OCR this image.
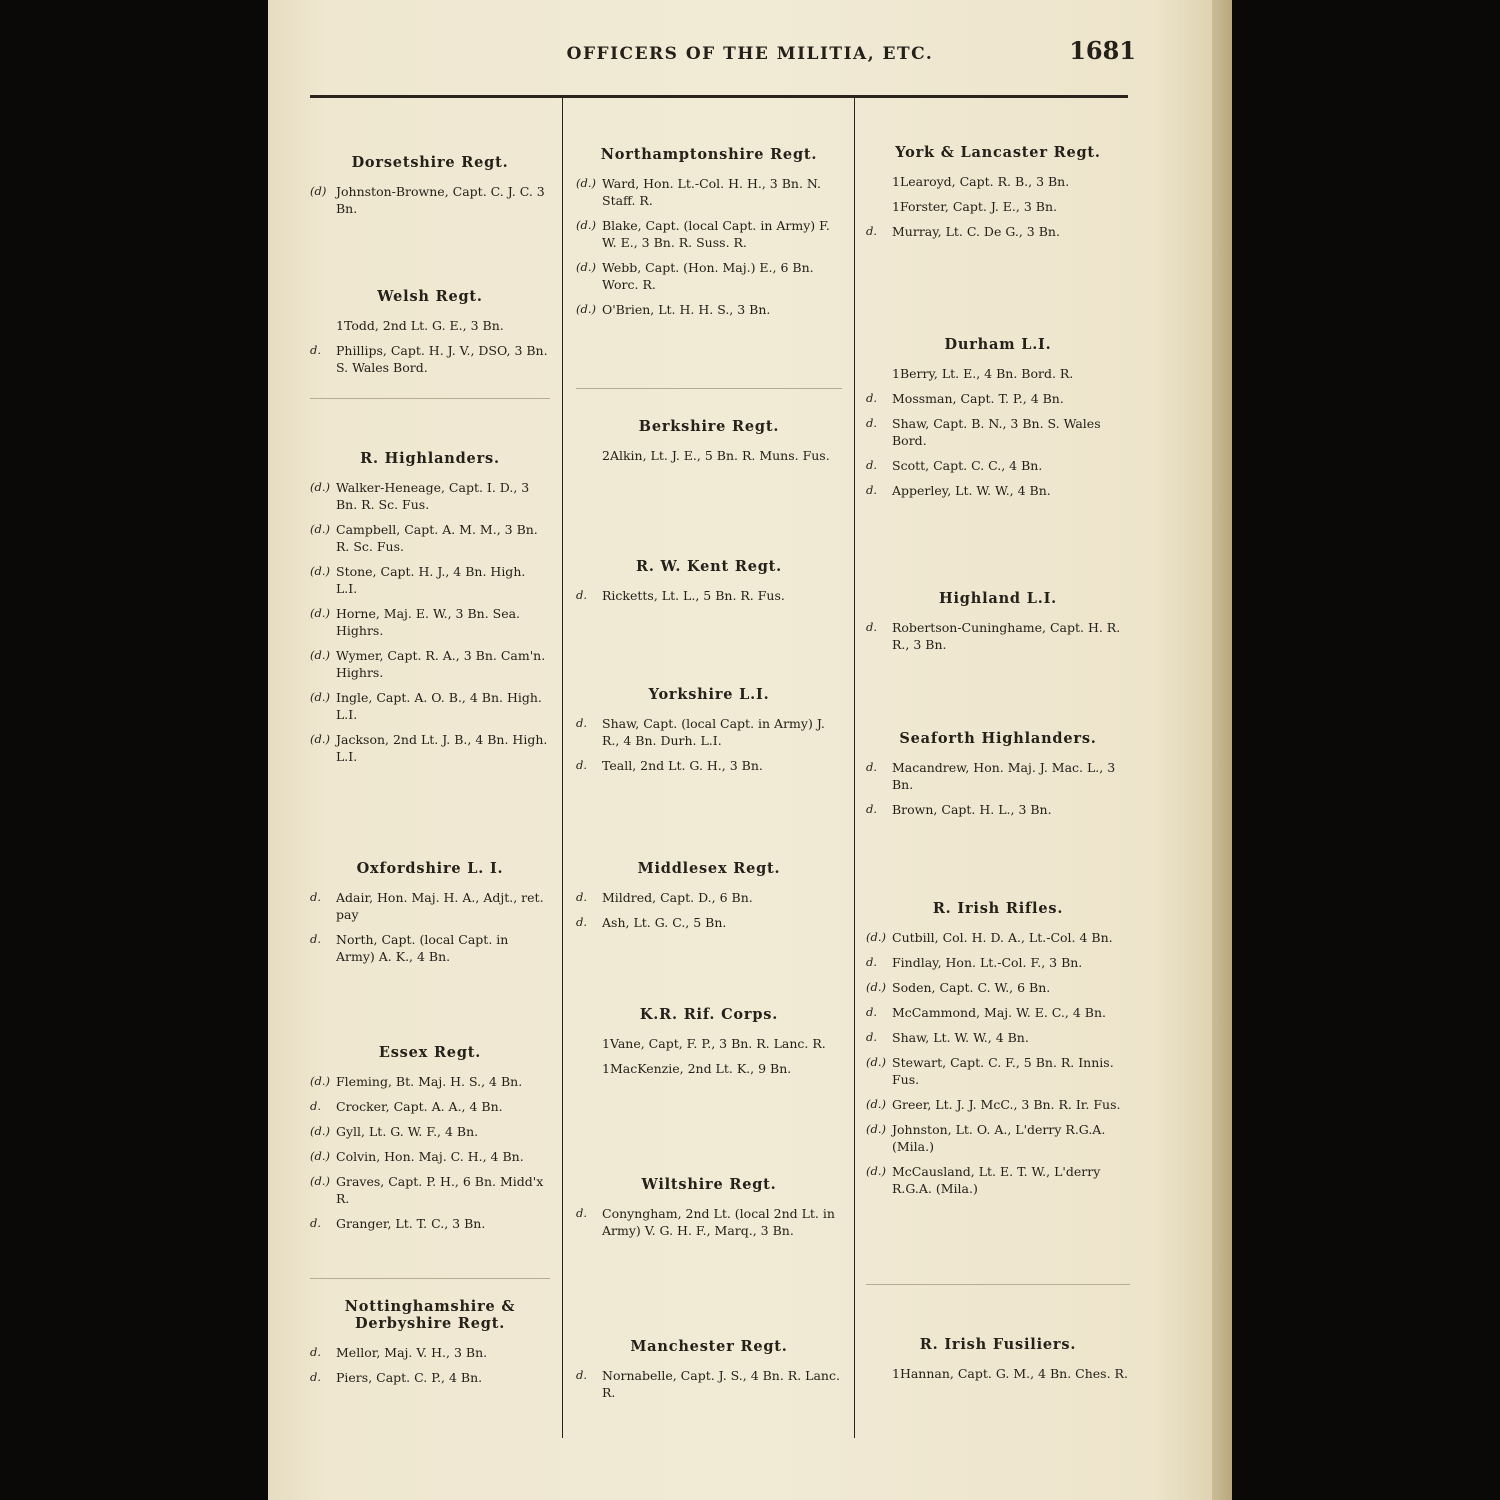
OFFICERS OF THE MILITIA, ETC.	1681
Dorsetshire Regt.
(d) Johnston-Browne, Capt. C. J. C. 3 Bn.
Welsh Regt.
1Todd, 2nd Lt. G. E., 3 Bn.
d.	Phillips, Capt. H. J. V., DSO, 3 Bn. S. Wales Bord.
R. Highlanders.
(d.) Walker-Heneage, Capt. I. D., 3 Bn. R. Sc. Fus.
(d.) Campbell, Capt. A. M. M., 3 Bn. R. Sc. Fus.
(d.) Stone, Capt. H. J., 4 Bn. High. L.I.
(d.) Horne, Maj. E. W., 3 Bn. Sea. Highrs.
(d.) Wymer, Capt. R. A., 3 Bn. Cam'n. Highrs.
(d.) Ingle, Capt. A. O. B., 4 Bn. High. L.I.
(d.) Jackson, 2nd Lt. J. B., 4 Bn. High. L.I.
Oxfordshire L. I.
d.	Adair, Hon. Maj. H. A., Adjt., ret. pay
d.	North, Capt. (local Capt. in Army) A. K., 4 Bn.
Essex Regt.
(d.) Fleming, Bt. Maj. H. S., 4 Bn.
d.	Crocker, Capt. A. A., 4 Bn.
(d.) Gyll, Lt. G. W. F., 4 Bn.
(d.) Colvin, Hon. Maj. C. H., 4 Bn.
(d.) Graves, Capt. P. H., 6 Bn. Midd'x R.
d.	Granger, Lt. T. C., 3 Bn.
Nottinghamshire & Derbyshire Regt.
d.	Mellor, Maj. V. H., 3 Bn.
d.	Piers, Capt. C. P., 4 Bn.
Northamptonshire Regt.
(d.) Ward, Hon. Lt.-Col. H. H., 3 Bn. N. Staff. R.
(d.) Blake, Capt. (local Capt. in Army) F. W. E., 3 Bn. R. Suss. R.
(d.) Webb, Capt. (Hon. Maj.) E., 6 Bn. Worc. R.
(d.) O'Brien, Lt. H. H. S., 3 Bn.
Berkshire Regt.
2Alkin, Lt. J. E., 5 Bn. R. Muns. Fus.
R. W. Kent Regt.
d.	Ricketts, Lt. L., 5 Bn. R. Fus.
Yorkshire L.I.
d.	Shaw, Capt. (local Capt. in Army) J. R., 4 Bn. Durh. L.I.
d.	Teall, 2nd Lt. G. H., 3 Bn.
Middlesex Regt.
d.	Mildred, Capt. D., 6 Bn.
d.	Ash, Lt. G. C., 5 Bn.
K.R. Rif. Corps.
1Vane, Capt, F. P., 3 Bn. R. Lanc. R.
1MacKenzie, 2nd Lt. K., 9 Bn.
Wiltshire Regt.
d.	Conyngham, 2nd Lt. (local 2nd Lt. in Army) V. G. H. F., Marq., 3 Bn.
Manchester Regt.
d.	Nornabelle, Capt. J. S., 4 Bn. R. Lanc. R.
York & Lancaster Regt.
1Learoyd, Capt. R. B., 3 Bn.
1Forster, Capt. J. E., 3 Bn.
d.	Murray, Lt. C. De G., 3 Bn.
Durham L.I.
1Berry, Lt. E., 4 Bn. Bord. R.
d.	Mossman, Capt. T. P., 4 Bn.
d.	Shaw, Capt. B. N., 3 Bn. S. Wales Bord.
d.	Scott, Capt. C. C., 4 Bn.
d.	Apperley, Lt. W. W., 4 Bn.
Highland L.I.
d.	Robertson-Cuninghame, Capt. H. R. R., 3 Bn.
Seaforth Highlanders.
d.	Macandrew, Hon. Maj. J. Mac. L., 3 Bn.
d.	Brown, Capt. H. L., 3 Bn.
R. Irish Rifles.
(d.) Cutbill, Col. H. D. A., Lt.-Col. 4 Bn.
d.	Findlay, Hon. Lt.-Col. F., 3 Bn.
(d.) Soden, Capt. C. W., 6 Bn.
d.	McCammond, Maj. W. E. C., 4 Bn.
d.	Shaw, Lt. W. W., 4 Bn.
(d.) Stewart, Capt. C. F., 5 Bn. R. Innis. Fus.
(d.) Greer, Lt. J. J. McC., 3 Bn. R. Ir. Fus.
(d.) Johnston, Lt. O. A., L'derry R.G.A. (Mila.)
(d.) McCausland, Lt. E. T. W., L'derry R.G.A. (Mila.)
R. Irish Fusiliers.
1Hannan, Capt. G. M., 4 Bn. Ches. R.
